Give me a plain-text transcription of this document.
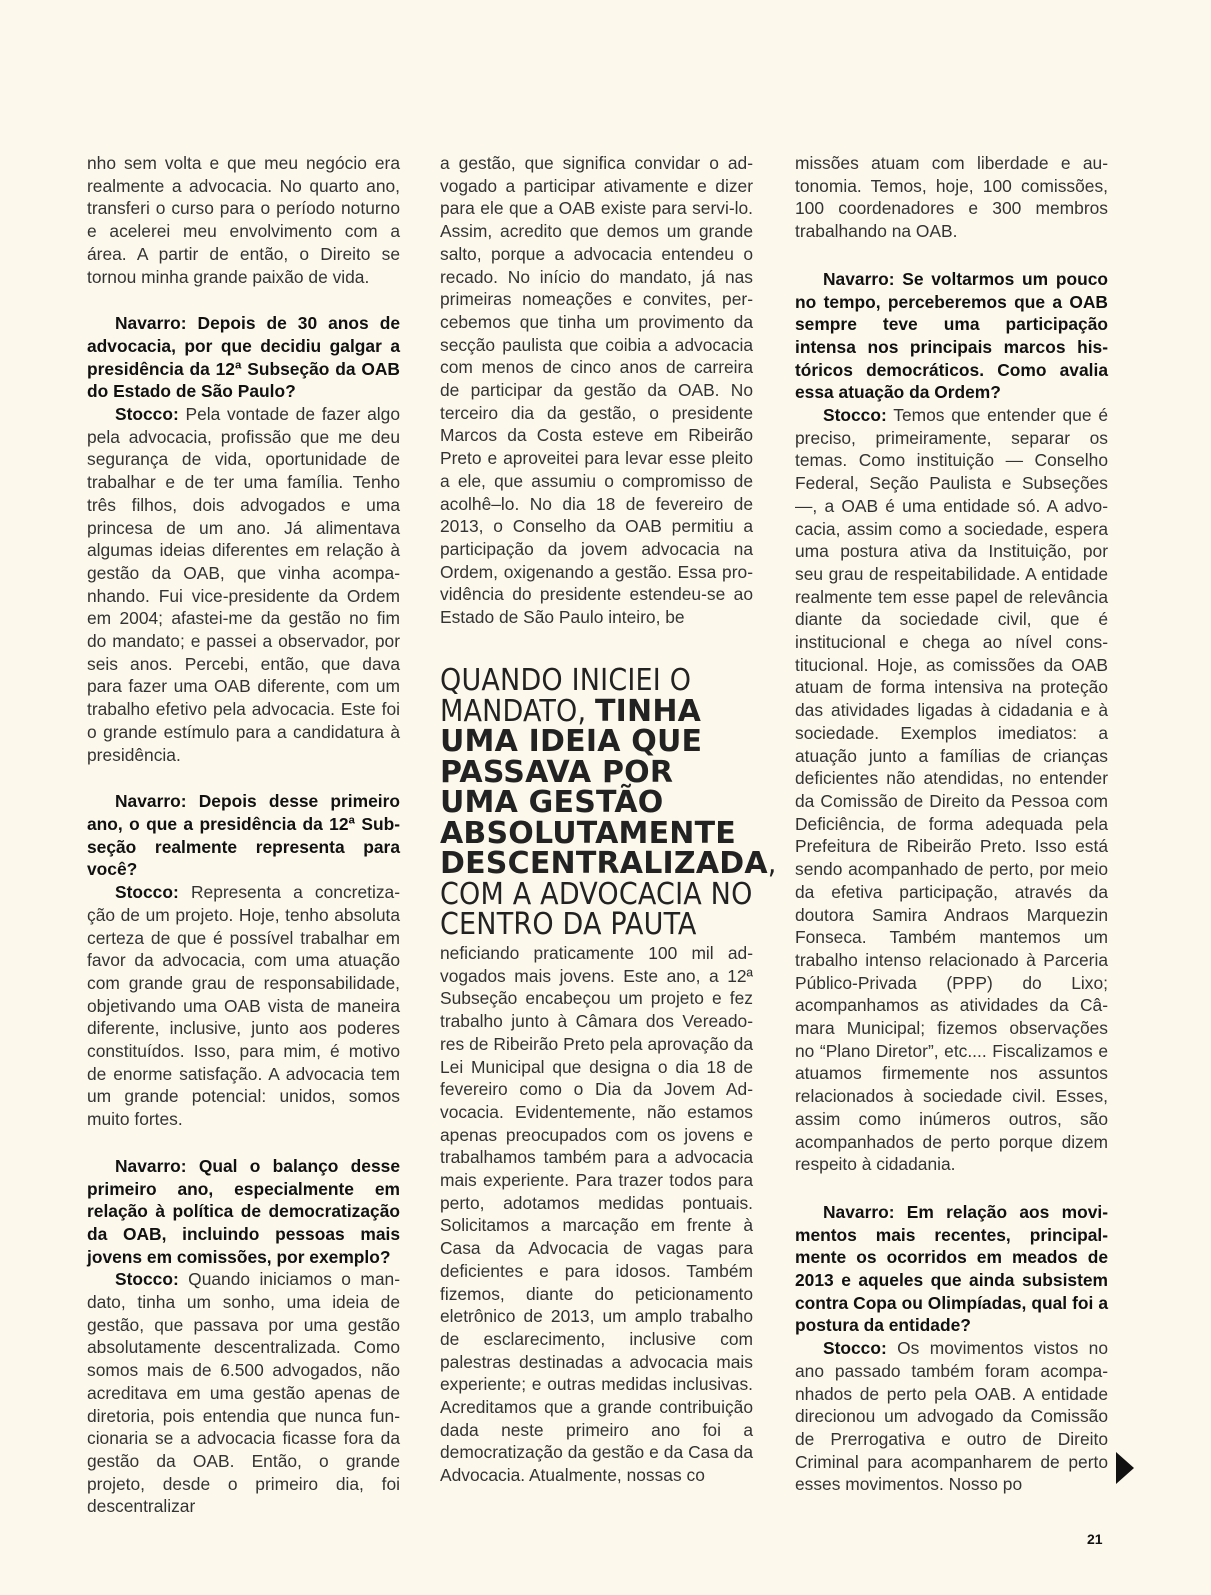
nho sem volta e que meu negócio era realmente a advocacia. No quarto ano, transferi o curso para o período noturno e acelerei meu envolvimento com a área. A partir de então, o Direito se tornou minha grande paixão de vida.

Navarro: Depois de 30 anos de advocacia, por que decidiu galgar a presidência da 12ª Subseção da OAB do Estado de São Paulo?

Stocco: Pela vontade de fazer algo pela advocacia, profissão que me deu segurança de vida, oportunidade de trabalhar e de ter uma família. Tenho três filhos, dois advogados e uma princesa de um ano. Já alimentava algumas ideias diferentes em relação à gestão da OAB, que vinha acompanhando. Fui vice-presidente da Ordem em 2004; afastei-me da gestão no fim do mandato; e passei a observador, por seis anos. Percebi, então, que dava para fazer uma OAB diferente, com um trabalho efetivo pela advocacia. Este foi o grande estímulo para a candidatura à presidência.

Navarro: Depois desse primeiro ano, o que a presidência da 12ª Subseção realmente representa para você?

Stocco: Representa a concretização de um projeto. Hoje, tenho absoluta certeza de que é possível trabalhar em favor da advocacia, com uma atuação com grande grau de responsabilidade, objetivando uma OAB vista de maneira diferente, inclusive, junto aos poderes constituídos. Isso, para mim, é motivo de enorme satisfação. A advocacia tem um grande potencial: unidos, somos muito fortes.

Navarro: Qual o balanço desse primeiro ano, especialmente em relação à política de democratização da OAB, incluindo pessoas mais jovens em comissões, por exemplo?

Stocco: Quando iniciamos o mandato, tinha um sonho, uma ideia de gestão, que passava por uma gestão absolutamente descentralizada. Como somos mais de 6.500 advogados, não acreditava em uma gestão apenas de diretoria, pois entendia que nunca funcionaria se a advocacia ficasse fora da gestão da OAB. Então, o grande projeto, desde o primeiro dia, foi descentralizar

a gestão, que significa convidar o advogado a participar ativamente e dizer para ele que a OAB existe para servi-lo. Assim, acredito que demos um grande salto, porque a advocacia entendeu o recado. No início do mandato, já nas primeiras nomeações e convites, percebemos que tinha um provimento da secção paulista que coibia a advocacia com menos de cinco anos de carreira de participar da gestão da OAB. No terceiro dia da gestão, o presidente Marcos da Costa esteve em Ribeirão Preto e aproveitei para levar esse pleito a ele, que assumiu o compromisso de acolhê–lo. No dia 18 de fevereiro de 2013, o Conselho da OAB permitiu a participação da jovem advocacia na Ordem, oxigenando a gestão. Essa providência do presidente estendeu-se ao Estado de São Paulo inteiro, be

QUANDO INICIEI O MANDATO, TINHA UMA IDEIA QUE PASSAVA POR UMA GESTÃO ABSOLUTAMENTE DESCENTRALIZADA, COM A ADVOCACIA NO CENTRO DA PAUTA

neficiando praticamente 100 mil advogados mais jovens. Este ano, a 12ª Subseção encabeçou um projeto e fez trabalho junto à Câmara dos Vereadores de Ribeirão Preto pela aprovação da Lei Municipal que designa o dia 18 de fevereiro como o Dia da Jovem Advocacia. Evidentemente, não estamos apenas preocupados com os jovens e trabalhamos também para a advocacia mais experiente. Para trazer todos para perto, adotamos medidas pontuais. Solicitamos a marcação em frente à Casa da Advocacia de vagas para deficientes e para idosos. Também fizemos, diante do peticionamento eletrônico de 2013, um amplo trabalho de esclarecimento, inclusive com palestras destinadas a advocacia mais experiente; e outras medidas inclusivas. Acreditamos que a grande contribuição dada neste primeiro ano foi a democratização da gestão e da Casa da Advocacia. Atualmente, nossas co

missões atuam com liberdade e autonomia. Temos, hoje, 100 comissões, 100 coordenadores e 300 membros trabalhando na OAB.

Navarro: Se voltarmos um pouco no tempo, perceberemos que a OAB sempre teve uma participação intensa nos principais marcos históricos democráticos. Como avalia essa atuação da Ordem?

Stocco: Temos que entender que é preciso, primeiramente, separar os temas. Como instituição — Conselho Federal, Seção Paulista e Subseções —, a OAB é uma entidade só. A advocacia, assim como a sociedade, espera uma postura ativa da Instituição, por seu grau de respeitabilidade. A entidade realmente tem esse papel de relevância diante da sociedade civil, que é institucional e chega ao nível constitucional. Hoje, as comissões da OAB atuam de forma intensiva na proteção das atividades ligadas à cidadania e à sociedade. Exemplos imediatos: a atuação junto a famílias de crianças deficientes não atendidas, no entender da Comissão de Direito da Pessoa com Deficiência, de forma adequada pela Prefeitura de Ribeirão Preto. Isso está sendo acompanhado de perto, por meio da efetiva participação, através da doutora Samira Andraos Marquezin Fonseca. Também mantemos um trabalho intenso relacionado à Parceria Público-Privada (PPP) do Lixo; acompanhamos as atividades da Câmara Municipal; fizemos observações no “Plano Diretor”, etc.... Fiscalizamos e atuamos firmemente nos assuntos relacionados à sociedade civil. Esses, assim como inúmeros outros, são acompanhados de perto porque dizem respeito à cidadania.

Navarro: Em relação aos movimentos mais recentes, principalmente os ocorridos em meados de 2013 e aqueles que ainda subsistem contra Copa ou Olimpíadas, qual foi a postura da entidade?

Stocco: Os movimentos vistos no ano passado também foram acompanhados de perto pela OAB. A entidade direcionou um advogado da Comissão de Prerrogativa e outro de Direito Criminal para acompanharem de perto esses movimentos. Nosso po

21
